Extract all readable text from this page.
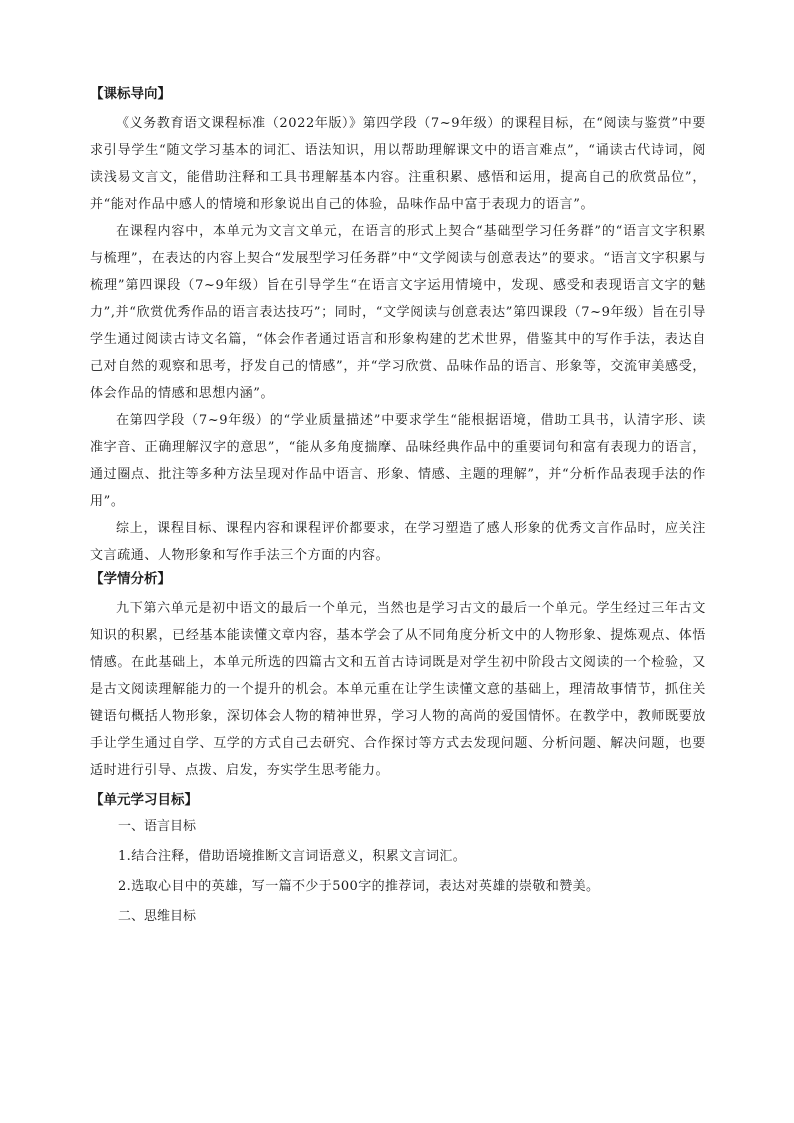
【课标导向】

《义务教育语文课程标准（2022年版）》第四学段（7~9年级）的课程目标，在“阅读与鉴赏”中要求引导学生“随文学习基本的词汇、语法知识，用以帮助理解课文中的语言难点”，“诵读古代诗词，阅读浅易文言文，能借助注释和工具书理解基本内容。注重积累、感悟和运用，提高自己的欣赏品位”，并“能对作品中感人的情境和形象说出自己的体验，品味作品中富于表现力的语言”。

在课程内容中，本单元为文言文单元，在语言的形式上契合“基础型学习任务群”的“语言文字积累与梳理”，在表达的内容上契合“发展型学习任务群”中“文学阅读与创意表达”的要求。“语言文字积累与梳理”第四课段（7~9年级）旨在引导学生“在语言文字运用情境中，发现、感受和表现语言文字的魅力”,并“欣赏优秀作品的语言表达技巧”；同时，“文学阅读与创意表达”第四课段（7~9年级）旨在引导学生通过阅读古诗文名篇，“体会作者通过语言和形象构建的艺术世界，借鉴其中的写作手法，表达自己对自然的观察和思考，抒发自己的情感”，并“学习欣赏、品味作品的语言、形象等，交流审美感受，体会作品的情感和思想内涵”。

在第四学段（7~9年级）的“学业质量描述”中要求学生“能根据语境，借助工具书，认清字形、读准字音、正确理解汉字的意思”，“能从多角度揣摩、品味经典作品中的重要词句和富有表现力的语言，通过圈点、批注等多种方法呈现对作品中语言、形象、情感、主题的理解”，并“分析作品表现手法的作用”。

综上，课程目标、课程内容和课程评价都要求，在学习塑造了感人形象的优秀文言作品时，应关注文言疏通、人物形象和写作手法三个方面的内容。

【学情分析】

九下第六单元是初中语文的最后一个单元，当然也是学习古文的最后一个单元。学生经过三年古文知识的积累，已经基本能读懂文章内容，基本学会了从不同角度分析文中的人物形象、提炼观点、体悟情感。在此基础上，本单元所选的四篇古文和五首古诗词既是对学生初中阶段古文阅读的一个检验，又是古文阅读理解能力的一个提升的机会。本单元重在让学生读懂文意的基础上，理清故事情节，抓住关键语句概括人物形象，深切体会人物的精神世界，学习人物的高尚的爱国情怀。在教学中，教师既要放手让学生通过自学、互学的方式自己去研究、合作探讨等方式去发现问题、分析问题、解决问题，也要适时进行引导、点拨、启发，夯实学生思考能力。

【单元学习目标】

一、语言目标

1.结合注释，借助语境推断文言词语意义，积累文言词汇。

2.选取心目中的英雄，写一篇不少于500字的推荐词，表达对英雄的崇敬和赞美。

二、思维目标
